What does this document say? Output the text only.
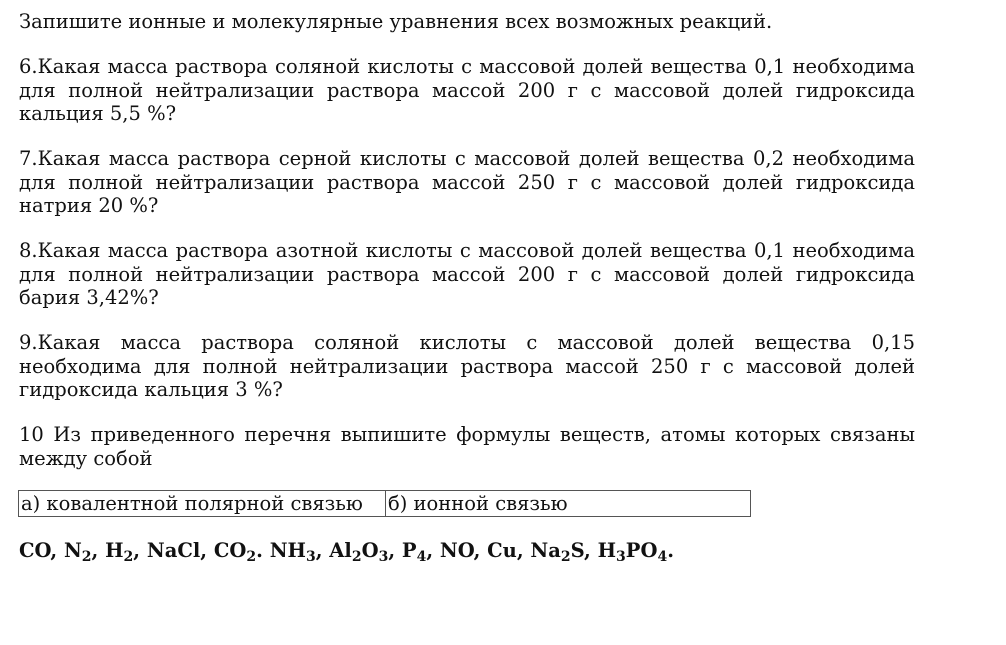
Запишите ионные и молекулярные уравнения всех возможных реакций.

6.Какая масса раствора соляной кислоты с массовой долей вещества 0,1 необходима для полной нейтрализации раствора массой 200 г с массовой долей гидроксида кальция 5,5 %?

7.Какая масса раствора серной кислоты с массовой долей вещества 0,2 необходима для полной нейтрализации раствора массой 250 г с массовой долей гидроксида натрия 20 %?

8.Какая масса раствора азотной кислоты с массовой долей вещества 0,1 необходима для полной нейтрализации раствора массой 200 г с массовой долей гидроксида бария 3,42%?

9.Какая масса раствора соляной кислоты с массовой долей вещества 0,15 необходима для полной нейтрализации раствора массой 250 г с массовой долей гидроксида кальция 3 %?

10 Из приведенного перечня выпишите формулы веществ, атомы которых связаны между собой

а) ковалентной полярной связью	б) ионной связью

CO, $N_2$, $H_2$, NaCl, $CO_2$. $NH_3$, $Al_2O_3$, $P_4$, NO, Cu, $Na_2S$, $H_3PO_4$.
